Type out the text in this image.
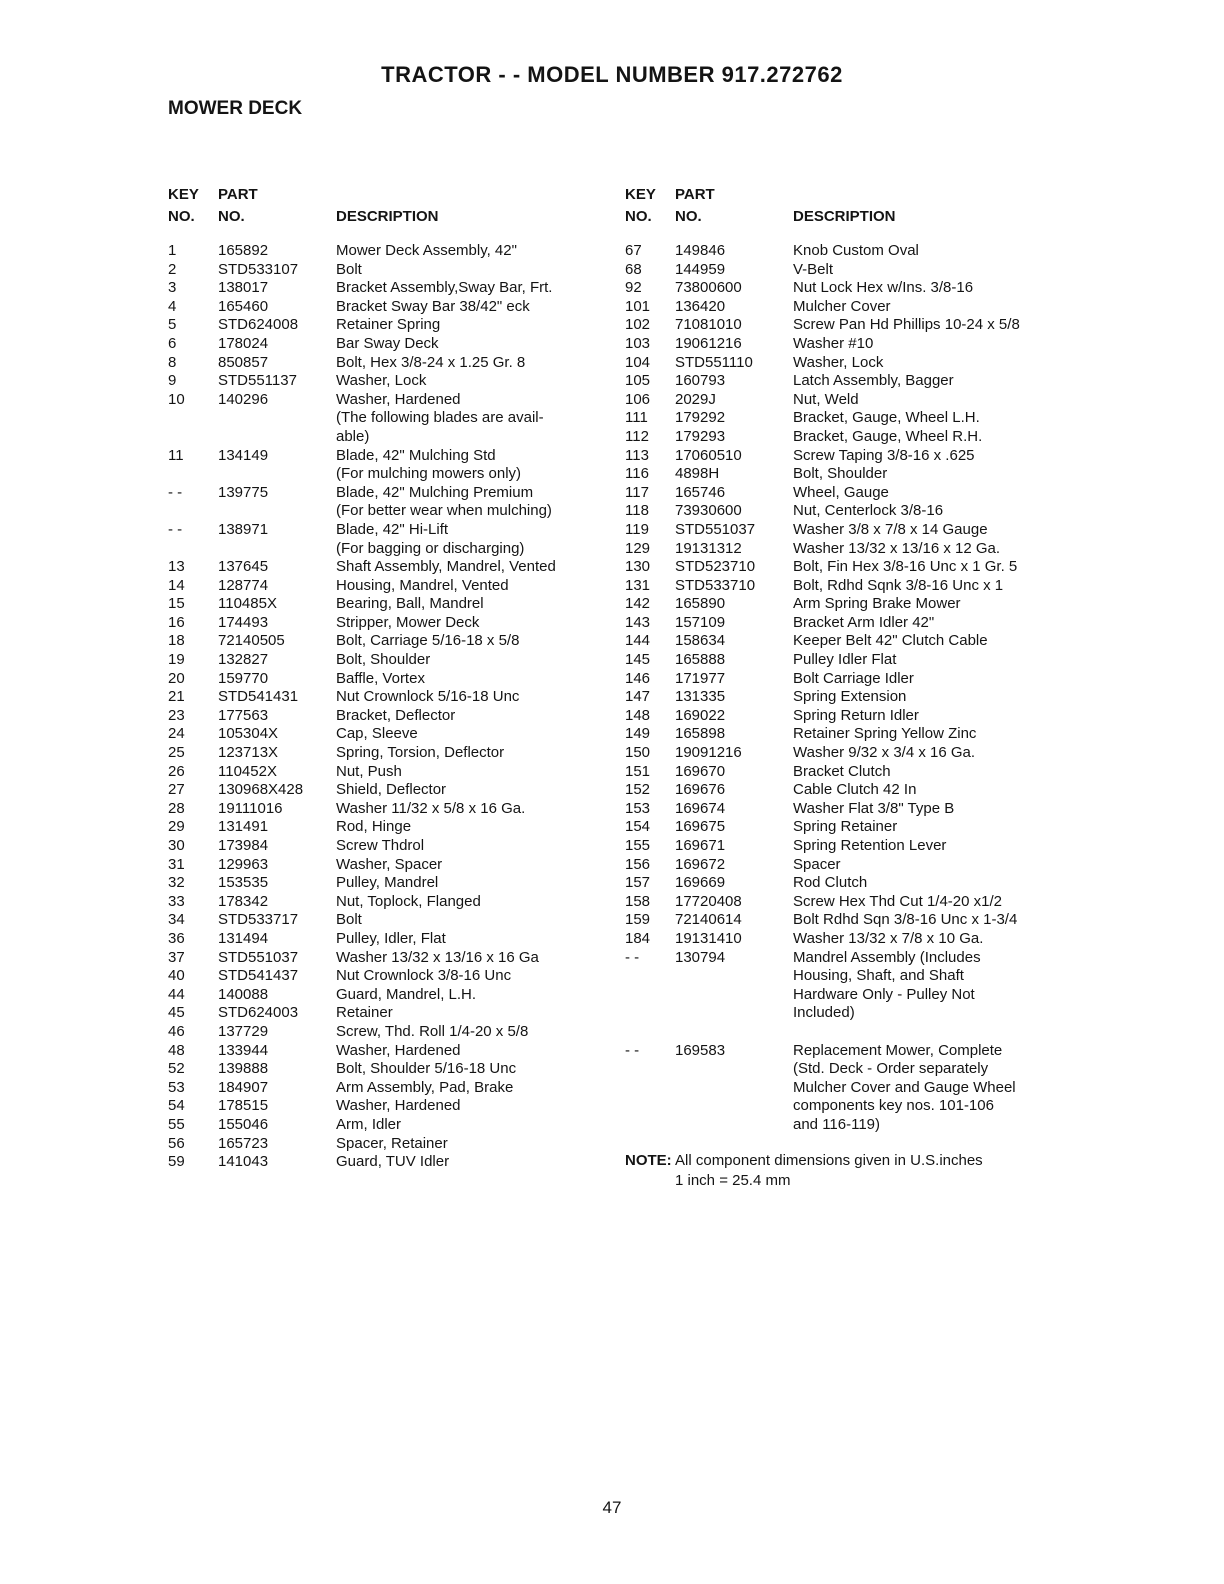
TRACTOR - - MODEL NUMBER 917.272762
MOWER DECK
KEY	PART
NO.	NO.	DESCRIPTION
1	165892	Mower Deck Assembly, 42"
2	STD533107	Bolt
3	138017	Bracket Assembly,Sway Bar, Frt.
4	165460	Bracket Sway Bar 38/42" eck
5	STD624008	Retainer Spring
6	178024	Bar Sway Deck
8	850857	Bolt, Hex 3/8-24 x 1.25 Gr. 8
9	STD551137	Washer, Lock
10	140296	Washer, Hardened
(The following blades are avail-
able)
11	134149	Blade, 42" Mulching Std
(For mulching mowers only)
- -	139775	Blade, 42" Mulching Premium
(For better wear when mulching)
- -	138971	Blade, 42" Hi-Lift
(For bagging or discharging)
13	137645	Shaft Assembly, Mandrel, Vented
14	128774	Housing, Mandrel, Vented
15	110485X	Bearing, Ball, Mandrel
16	174493	Stripper, Mower Deck
18	72140505	Bolt, Carriage 5/16-18 x 5/8
19	132827	Bolt, Shoulder
20	159770	Baffle, Vortex
21	STD541431	Nut Crownlock 5/16-18 Unc
23	177563	Bracket, Deflector
24	105304X	Cap, Sleeve
25	123713X	Spring, Torsion, Deflector
26	110452X	Nut, Push
27	130968X428	Shield, Deflector
28	19111016	Washer 11/32 x 5/8 x 16 Ga.
29	131491	Rod, Hinge
30	173984	Screw Thdrol
31	129963	Washer, Spacer
32	153535	Pulley, Mandrel
33	178342	Nut, Toplock, Flanged
34	STD533717	Bolt
36	131494	Pulley, Idler, Flat
37	STD551037	Washer 13/32 x 13/16 x 16 Ga
40	STD541437	Nut Crownlock 3/8-16 Unc
44	140088	Guard, Mandrel, L.H.
45	STD624003	Retainer
46	137729	Screw, Thd. Roll 1/4-20 x 5/8
48	133944	Washer, Hardened
52	139888	Bolt, Shoulder 5/16-18 Unc
53	184907	Arm Assembly, Pad, Brake
54	178515	Washer, Hardened
55	155046	Arm, Idler
56	165723	Spacer, Retainer
59	141043	Guard, TUV Idler
KEY	PART
NO.	NO.	DESCRIPTION
67	149846	Knob Custom Oval
68	144959	V-Belt
92	73800600	Nut Lock Hex w/Ins. 3/8-16
101	136420	Mulcher Cover
102	71081010	Screw Pan Hd Phillips 10-24 x 5/8
103	19061216	Washer #10
104	STD551110	Washer, Lock
105	160793	Latch Assembly, Bagger
106	2029J	Nut, Weld
111	179292	Bracket, Gauge, Wheel L.H.
112	179293	Bracket, Gauge, Wheel R.H.
113	17060510	Screw Taping 3/8-16 x .625
116	4898H	Bolt, Shoulder
117	165746	Wheel, Gauge
118	73930600	Nut, Centerlock 3/8-16
119	STD551037	Washer 3/8 x 7/8 x 14 Gauge
129	19131312	Washer 13/32 x 13/16 x 12 Ga.
130	STD523710	Bolt, Fin Hex 3/8-16 Unc x 1 Gr. 5
131	STD533710	Bolt, Rdhd Sqnk 3/8-16 Unc x 1
142	165890	Arm Spring Brake Mower
143	157109	Bracket Arm Idler 42"
144	158634	Keeper Belt 42" Clutch Cable
145	165888	Pulley Idler Flat
146	171977	Bolt Carriage Idler
147	131335	Spring Extension
148	169022	Spring Return Idler
149	165898	Retainer Spring Yellow Zinc
150	19091216	Washer 9/32 x 3/4 x 16 Ga.
151	169670	Bracket Clutch
152	169676	Cable Clutch 42 In
153	169674	Washer Flat 3/8" Type B
154	169675	Spring Retainer
155	169671	Spring Retention Lever
156	169672	Spacer
157	169669	Rod Clutch
158	17720408	Screw Hex Thd Cut 1/4-20 x1/2
159	72140614	Bolt Rdhd Sqn 3/8-16 Unc x 1-3/4
184	19131410	Washer 13/32 x 7/8 x 10 Ga.
- -	130794	Mandrel Assembly (Includes
Housing, Shaft, and Shaft
Hardware Only - Pulley Not
Included)
- -	169583	Replacement Mower, Complete
(Std. Deck - Order separately
Mulcher Cover and Gauge Wheel
components key nos. 101-106
and 116-119)
NOTE: All component dimensions given in U.S.inches
1 inch = 25.4 mm
47
